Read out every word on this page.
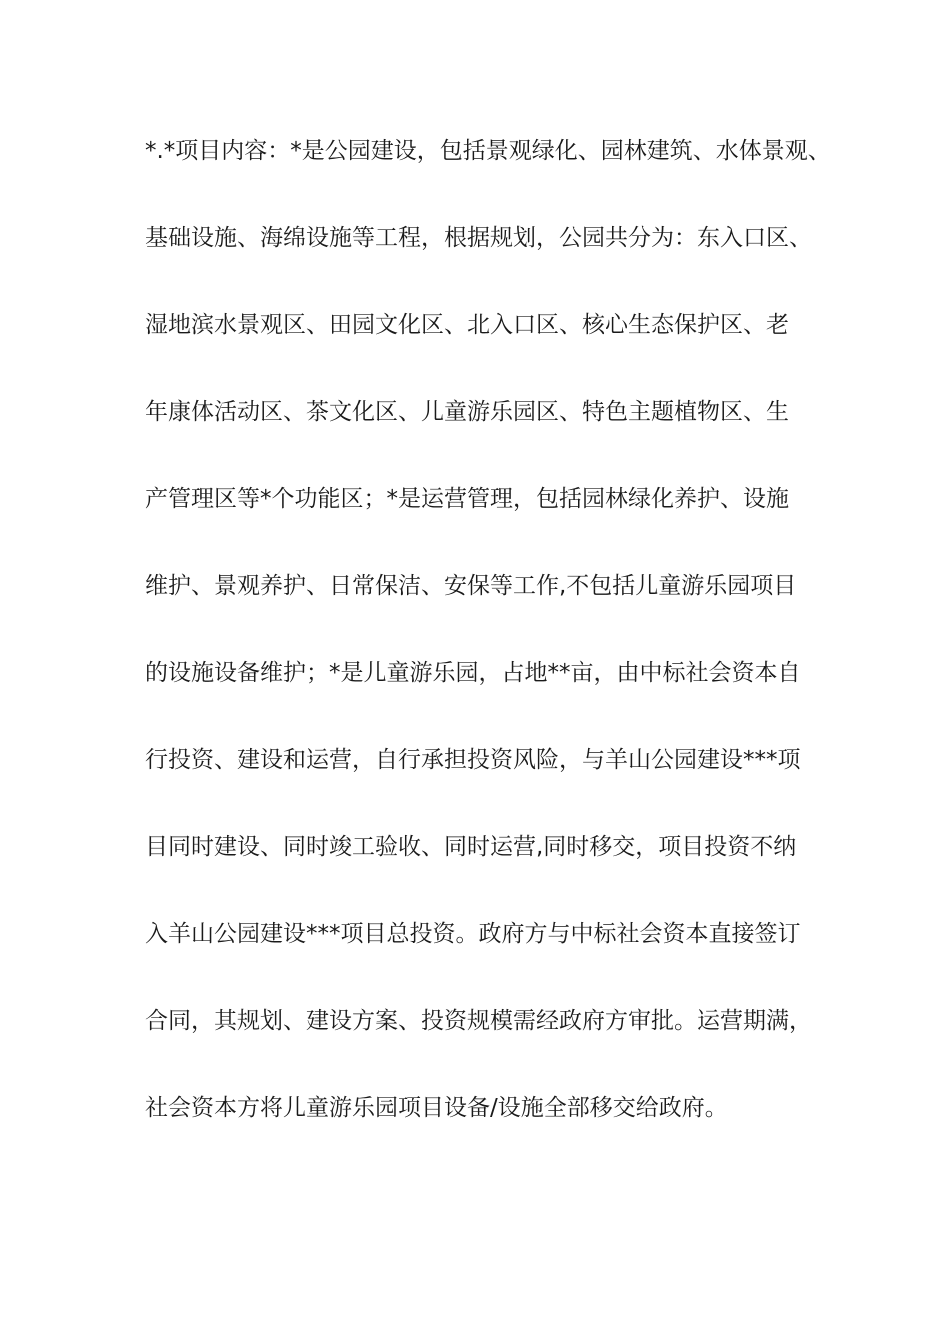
*.*项目内容：*是公园建设，包括景观绿化、园林建筑、水体景观、
基础设施、海绵设施等工程，根据规划，公园共分为：东入口区、
湿地滨水景观区、田园文化区、北入口区、核心生态保护区、老
年康体活动区、茶文化区、儿童游乐园区、特色主题植物区、生
产管理区等*个功能区；*是运营管理，包括园林绿化养护、设施
维护、景观养护、日常保洁、安保等工作,不包括儿童游乐园项目
的设施设备维护；*是儿童游乐园，占地**亩，由中标社会资本自
行投资、建设和运营，自行承担投资风险，与羊山公园建设***项
目同时建设、同时竣工验收、同时运营,同时移交，项目投资不纳
入羊山公园建设***项目总投资。政府方与中标社会资本直接签订
合同，其规划、建设方案、投资规模需经政府方审批。运营期满，
社会资本方将儿童游乐园项目设备/设施全部移交给政府。
